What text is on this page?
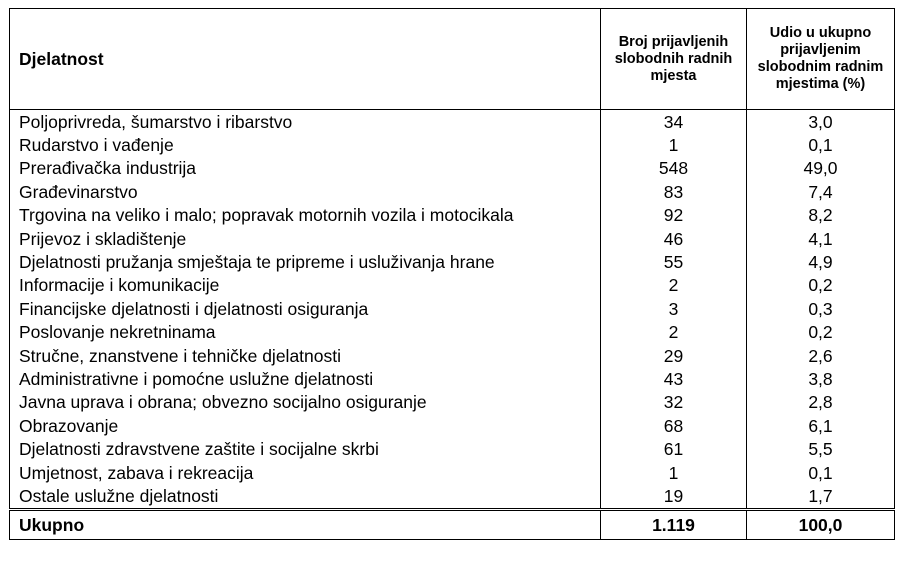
Djelatnost	Broj prijavljenih slobodnih radnih mjesta	Udio u ukupno prijavljenim slobodnim radnim mjestima (%)
Poljoprivreda, šumarstvo i ribarstvo	34	3,0
Rudarstvo i vađenje	1	0,1
Prerađivačka industrija	548	49,0
Građevinarstvo	83	7,4
Trgovina na veliko i malo; popravak motornih vozila i motocikala	92	8,2
Prijevoz i skladištenje	46	4,1
Djelatnosti pružanja smještaja te pripreme i usluživanja hrane	55	4,9
Informacije i komunikacije	2	0,2
Financijske djelatnosti i djelatnosti osiguranja	3	0,3
Poslovanje nekretninama	2	0,2
Stručne, znanstvene i tehničke djelatnosti	29	2,6
Administrativne i pomoćne uslužne djelatnosti	43	3,8
Javna uprava i obrana; obvezno socijalno osiguranje	32	2,8
Obrazovanje	68	6,1
Djelatnosti zdravstvene zaštite i socijalne skrbi	61	5,5
Umjetnost, zabava i rekreacija	1	0,1
Ostale uslužne djelatnosti	19	1,7
Ukupno	1.119	100,0
